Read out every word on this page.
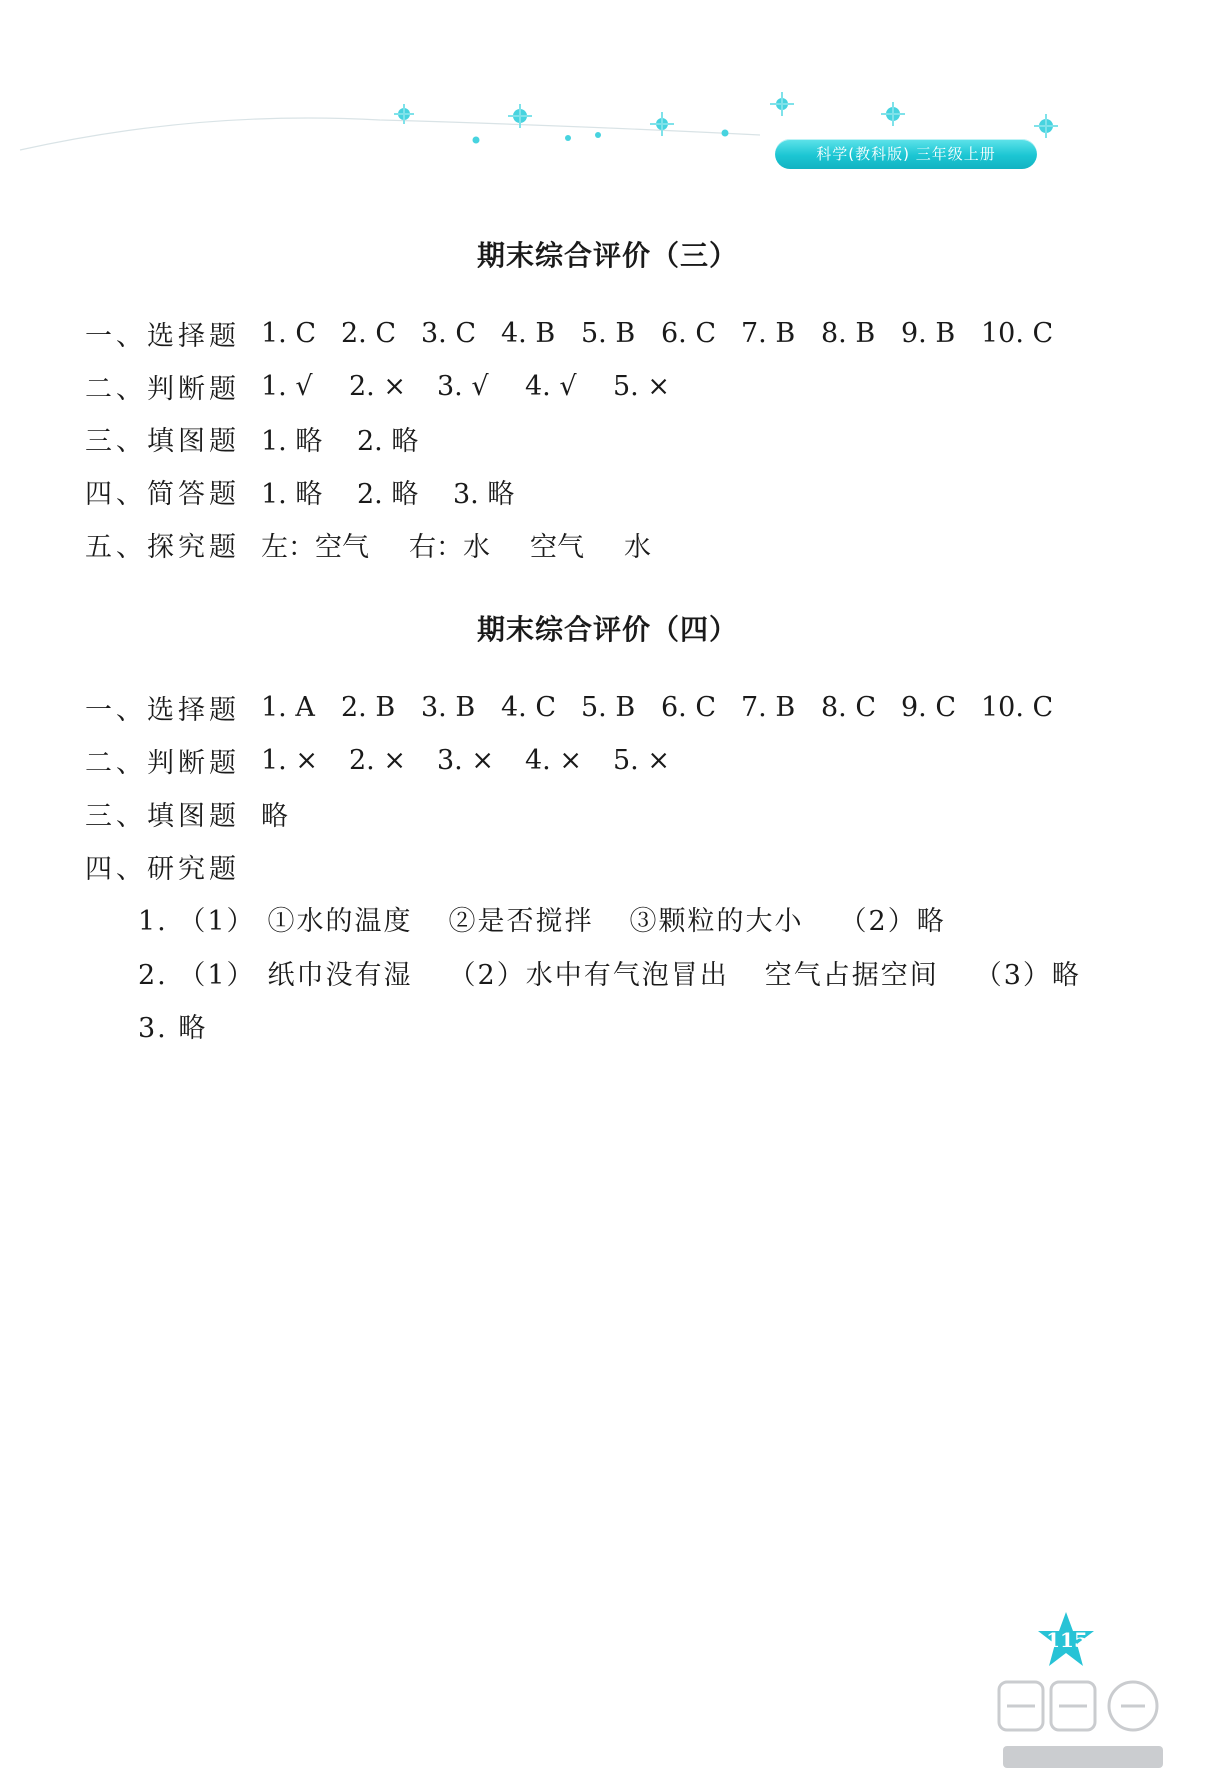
科学(教科版) 三年级上册
期末综合评价（三）
一、选择题 1. C 2. C 3. C 4. B 5. B 6. C 7. B 8. B 9. B 10. C
二、判断题 1. √	2. ×	3. √	4. √	5. ×
三、填图题 1. 略	2. 略
四、简答题 1. 略	2. 略	3. 略
五、探究题 左：空气 右：水 空气 水
期末综合评价（四）
一、选择题 1. A 2. B 3. B 4. C 5. B 6. C 7. B 8. C 9. C 10. C
二、判断题 1. ×	2. ×	3. ×	4. ×	5. ×
三、填图题 略
四、研究题
1. （1） ①水的温度 ②是否搅拌 ③颗粒的大小 （2）略
2. （1） 纸巾没有湿 （2）水中有气泡冒出 空气占据空间 （3）略
3. 略
115
